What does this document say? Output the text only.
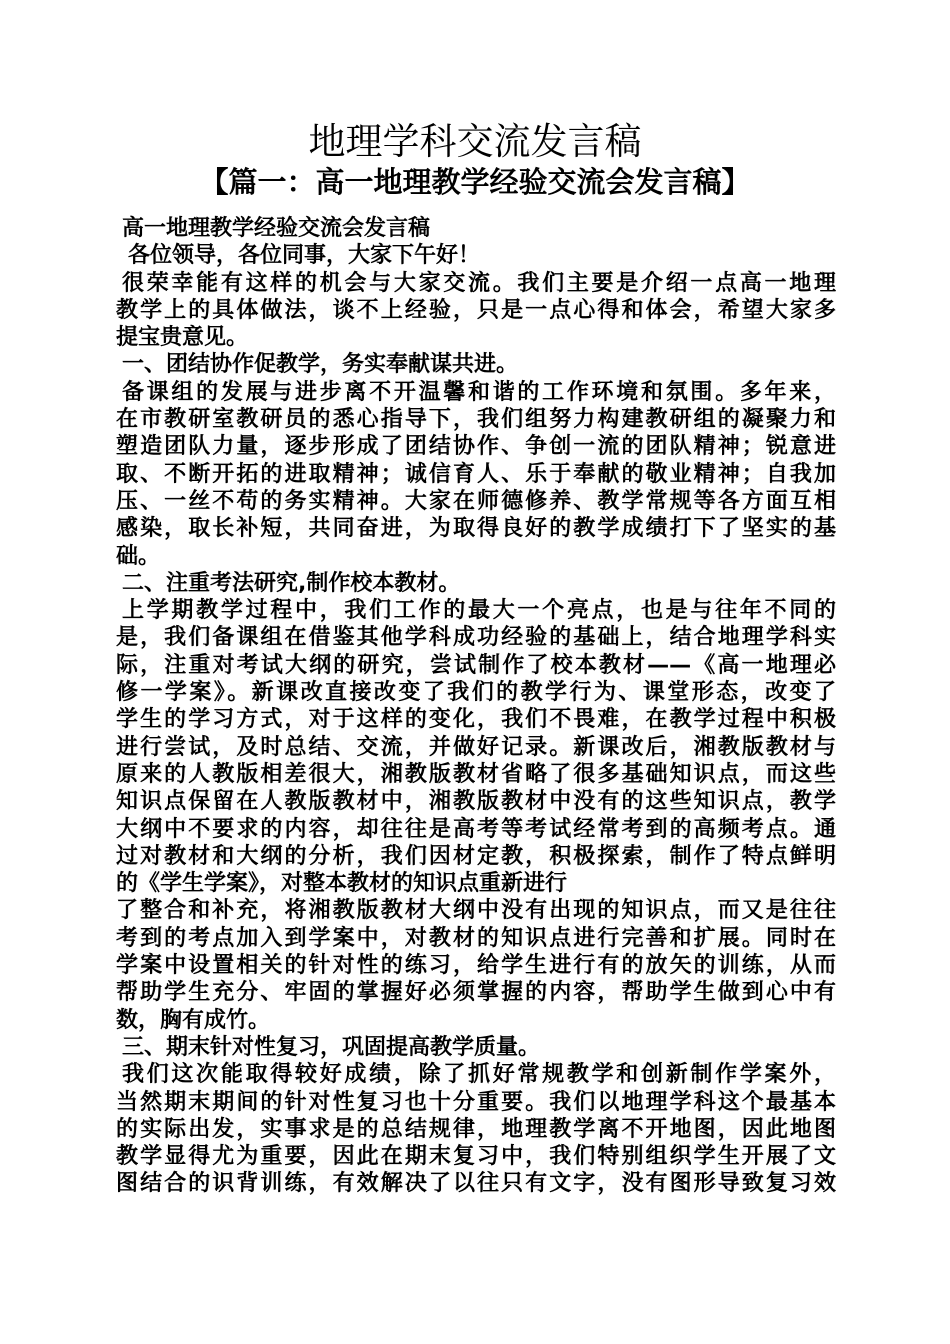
地理学科交流发言稿
【篇一：高一地理教学经验交流会发言稿】
高一地理教学经验交流会发言稿
各位领导，各位同事，大家下午好！
很荣幸能有这样的机会与大家交流。我们主要是介绍一点高一地理
教学上的具体做法，谈不上经验，只是一点心得和体会，希望大家多
提宝贵意见。
一、团结协作促教学，务实奉献谋共进。
备课组的发展与进步离不开温馨和谐的工作环境和氛围。多年来，
在市教研室教研员的悉心指导下，我们组努力构建教研组的凝聚力和
塑造团队力量，逐步形成了团结协作、争创一流的团队精神；锐意进
取、不断开拓的进取精神；诚信育人、乐于奉献的敬业精神；自我加
压、一丝不苟的务实精神。大家在师德修养、教学常规等各方面互相
感染，取长补短，共同奋进，为取得良好的教学成绩打下了坚实的基
础。
二、注重考法研究,制作校本教材。
上学期教学过程中，我们工作的最大一个亮点，也是与往年不同的
是，我们备课组在借鉴其他学科成功经验的基础上，结合地理学科实
际，注重对考试大纲的研究，尝试制作了校本教材——《高一地理必
修一学案》。新课改直接改变了我们的教学行为、课堂形态，改变了
学生的学习方式，对于这样的变化，我们不畏难，在教学过程中积极
进行尝试，及时总结、交流，并做好记录。新课改后，湘教版教材与
原来的人教版相差很大，湘教版教材省略了很多基础知识点，而这些
知识点保留在人教版教材中，湘教版教材中没有的这些知识点，教学
大纲中不要求的内容，却往往是高考等考试经常考到的高频考点。通
过对教材和大纲的分析，我们因材定教，积极探索，制作了特点鲜明
的《学生学案》，对整本教材的知识点重新进行
了整合和补充，将湘教版教材大纲中没有出现的知识点，而又是往往
考到的考点加入到学案中，对教材的知识点进行完善和扩展。同时在
学案中设置相关的针对性的练习，给学生进行有的放矢的训练，从而
帮助学生充分、牢固的掌握好必须掌握的内容，帮助学生做到心中有
数，胸有成竹。
三、期末针对性复习，巩固提高教学质量。
我们这次能取得较好成绩，除了抓好常规教学和创新制作学案外，
当然期末期间的针对性复习也十分重要。我们以地理学科这个最基本
的实际出发，实事求是的总结规律，地理教学离不开地图，因此地图
教学显得尤为重要，因此在期末复习中，我们特别组织学生开展了文
图结合的识背训练，有效解决了以往只有文字，没有图形导致复习效
